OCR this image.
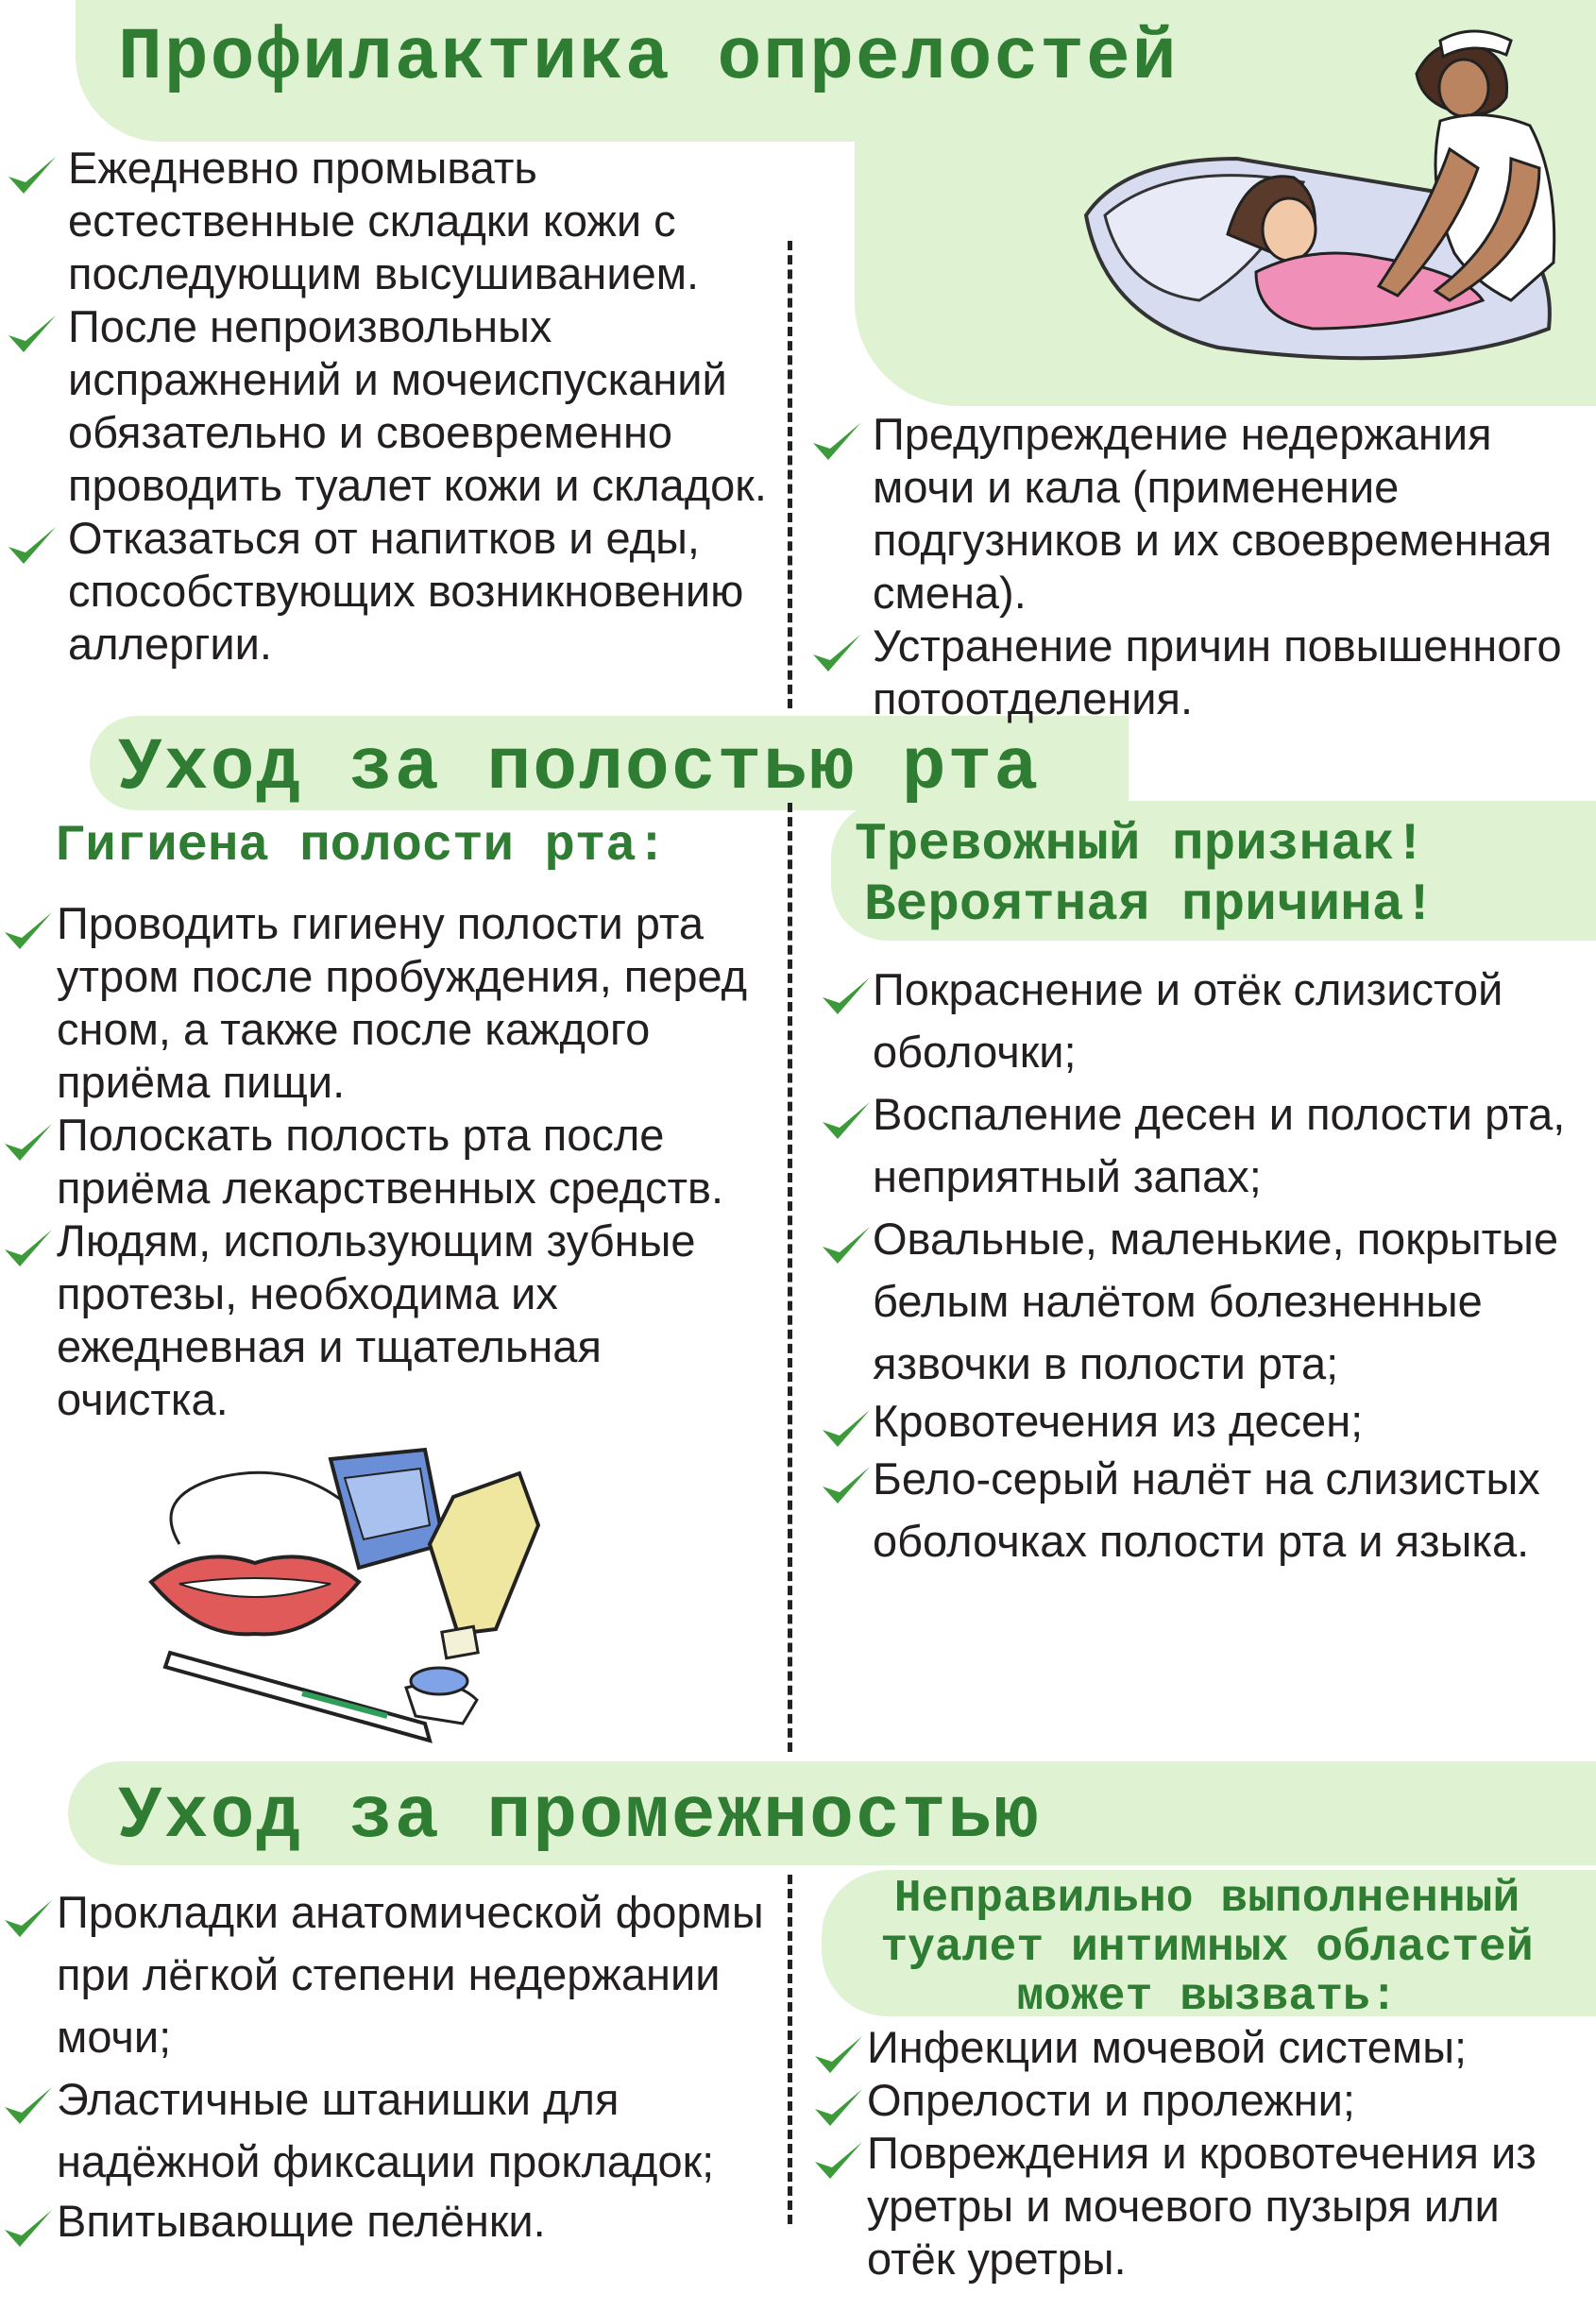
Профилактика опрелостей
Ежедневно промывать естественные складки кожи с последующим высушиванием.
После непроизвольных испражнений и мочеиспусканий обязательно и своевременно проводить туалет кожи и складок.
Отказаться от напитков и еды, способствующих возникновению аллергии.
Предупреждение недержания мочи и кала (применение подгузников и их своевременная смена).
Устранение причин повышенного потоотделения.
Уход за полостью рта
Гигиена полости рта:
Проводить гигиену полости рта утром после пробуждения, перед сном, а также после каждого приёма пищи.
Полоскать полость рта после приёма лекарственных средств.
Людям, использующим зубные протезы, необходима их ежедневная и тщательная очистка.
Тревожный признак!
Вероятная причина!
Покраснение и отёк слизистой оболочки;
Воспаление десен и полости рта, неприятный запах;
Овальные, маленькие, покрытые белым налётом болезненные язвочки в полости рта;
Кровотечения из десен;
Бело-серый налёт на слизистых оболочках полости рта и языка.
Уход за промежностью
Прокладки анатомической формы при лёгкой степени недержании мочи;
Эластичные штанишки для надёжной фиксации прокладок;
Впитывающие пелёнки.
Неправильно выполненный
туалет интимных областей
может вызвать:
Инфекции мочевой системы;
Опрелости и пролежни;
Повреждения и кровотечения из уретры и мочевого пузыря или отёк уретры.
